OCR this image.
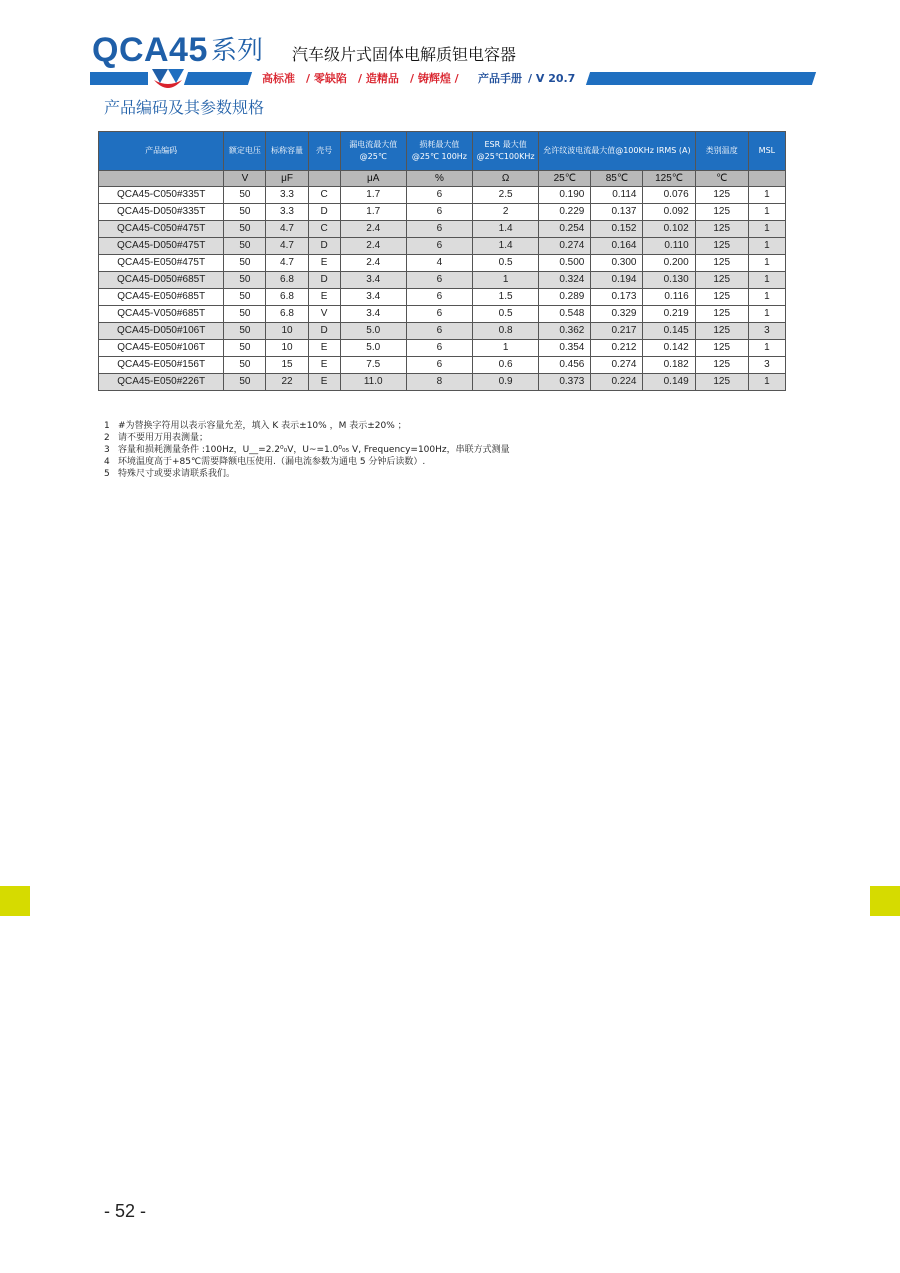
QCA45 系列 汽车级片式固体电解质钽电容器
高标准 / 零缺陷 / 造精品 / 铸辉煌 / 产品手册 / V 20.7
产品编码及其参数规格
产品编码	额定电压	标称容量	壳号	漏电流最大值@25℃	损耗最大值@25℃ 100Hz	ESR 最大值@25℃100KHz	允许纹波电流最大值@100KHz IRMS (A)			类别温度	MSL
	V	μF		μA	%	Ω	25℃	85℃	125℃	℃	
QCA45-C050#335T	50	3.3	C	1.7	6	2.5	0.190	0.114	0.076	125	1
QCA45-D050#335T	50	3.3	D	1.7	6	2	0.229	0.137	0.092	125	1
QCA45-C050#475T	50	4.7	C	2.4	6	1.4	0.254	0.152	0.102	125	1
QCA45-D050#475T	50	4.7	D	2.4	6	1.4	0.274	0.164	0.110	125	1
QCA45-E050#475T	50	4.7	E	2.4	4	0.5	0.500	0.300	0.200	125	1
QCA45-D050#685T	50	6.8	D	3.4	6	1	0.324	0.194	0.130	125	1
QCA45-E050#685T	50	6.8	E	3.4	6	1.5	0.289	0.173	0.116	125	1
QCA45-V050#685T	50	6.8	V	3.4	6	0.5	0.548	0.329	0.219	125	1
QCA45-D050#106T	50	10	D	5.0	6	0.8	0.362	0.217	0.145	125	3
QCA45-E050#106T	50	10	E	5.0	6	1	0.354	0.212	0.142	125	1
QCA45-E050#156T	50	15	E	7.5	6	0.6	0.456	0.274	0.182	125	3
QCA45-E050#226T	50	22	E	11.0	8	0.9	0.373	0.224	0.149	125	1
1 #为替换字符用以表示容量允差，填入 K 表示±10% ，M 表示±20% ；
2 请不要用万用表测量；
3 容量和损耗测量条件 :100Hz，U__=2.2⁰₀V，U~=1.0⁰₀₅ V, Frequency=100Hz，串联方式测量
4 环境温度高于+85℃需要降额电压使用.（漏电流参数为通电 5 分钟后读数）.
5 特殊尺寸或要求请联系我们。
- 52 -
